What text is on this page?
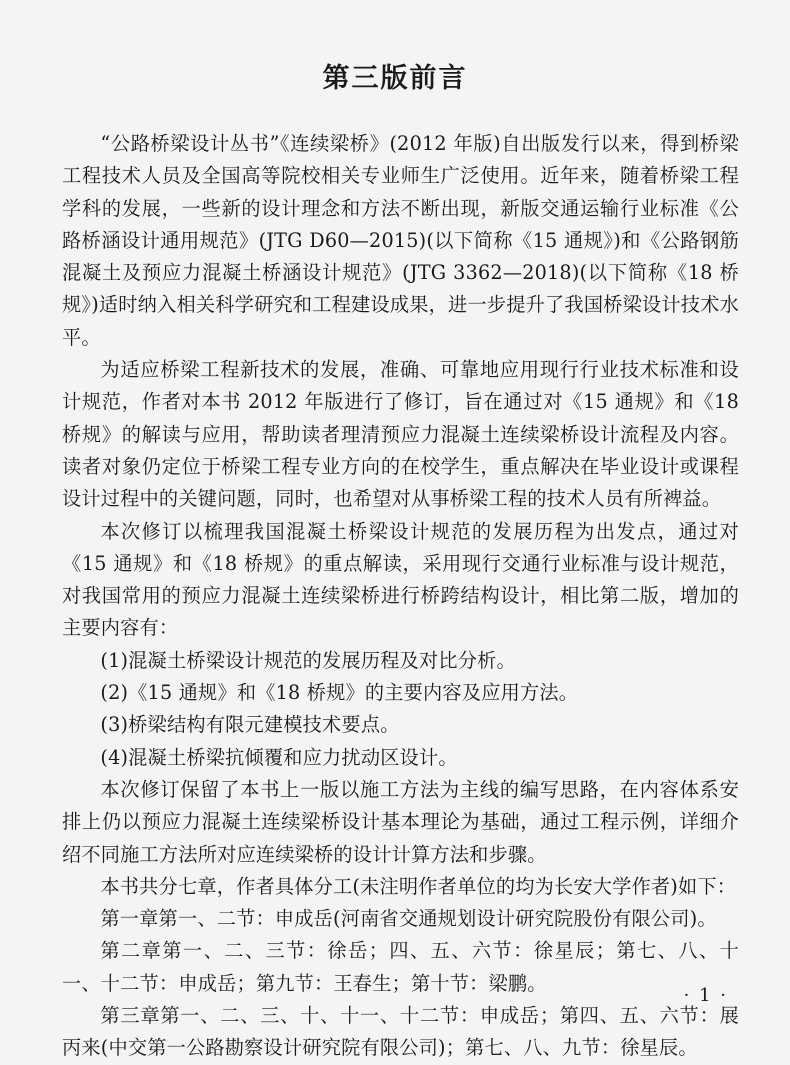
第三版前言

“公路桥梁设计丛书”《连续梁桥》(2012 年版)自出版发行以来，得到桥梁工程技术人员及全国高等院校相关专业师生广泛使用。近年来，随着桥梁工程学科的发展，一些新的设计理念和方法不断出现，新版交通运输行业标准《公路桥涵设计通用规范》(JTG D60—2015)(以下简称《15 通规》)和《公路钢筋混凝土及预应力混凝土桥涵设计规范》(JTG 3362—2018)(以下简称《18 桥规》)适时纳入相关科学研究和工程建设成果，进一步提升了我国桥梁设计技术水平。

为适应桥梁工程新技术的发展，准确、可靠地应用现行行业技术标准和设计规范，作者对本书 2012 年版进行了修订，旨在通过对《15 通规》和《18 桥规》的解读与应用，帮助读者理清预应力混凝土连续梁桥设计流程及内容。读者对象仍定位于桥梁工程专业方向的在校学生，重点解决在毕业设计或课程设计过程中的关键问题，同时，也希望对从事桥梁工程的技术人员有所裨益。

本次修订以梳理我国混凝土桥梁设计规范的发展历程为出发点，通过对《15 通规》和《18 桥规》的重点解读，采用现行交通行业标准与设计规范，对我国常用的预应力混凝土连续梁桥进行桥跨结构设计，相比第二版，增加的主要内容有：

(1)混凝土桥梁设计规范的发展历程及对比分析。

(2)《15 通规》和《18 桥规》的主要内容及应用方法。

(3)桥梁结构有限元建模技术要点。

(4)混凝土桥梁抗倾覆和应力扰动区设计。

本次修订保留了本书上一版以施工方法为主线的编写思路，在内容体系安排上仍以预应力混凝土连续梁桥设计基本理论为基础，通过工程示例，详细介绍不同施工方法所对应连续梁桥的设计计算方法和步骤。

本书共分七章，作者具体分工(未注明作者单位的均为长安大学作者)如下：

第一章第一、二节：申成岳(河南省交通规划设计研究院股份有限公司)。

第二章第一、二、三节：徐岳；四、五、六节：徐星辰；第七、八、十一、十二节：申成岳；第九节：王春生；第十节：梁鹏。

第三章第一、二、三、十、十一、十二节：申成岳；第四、五、六节：展丙来(中交第一公路勘察设计研究院有限公司)；第七、八、九节：徐星辰。

· 1 ·
